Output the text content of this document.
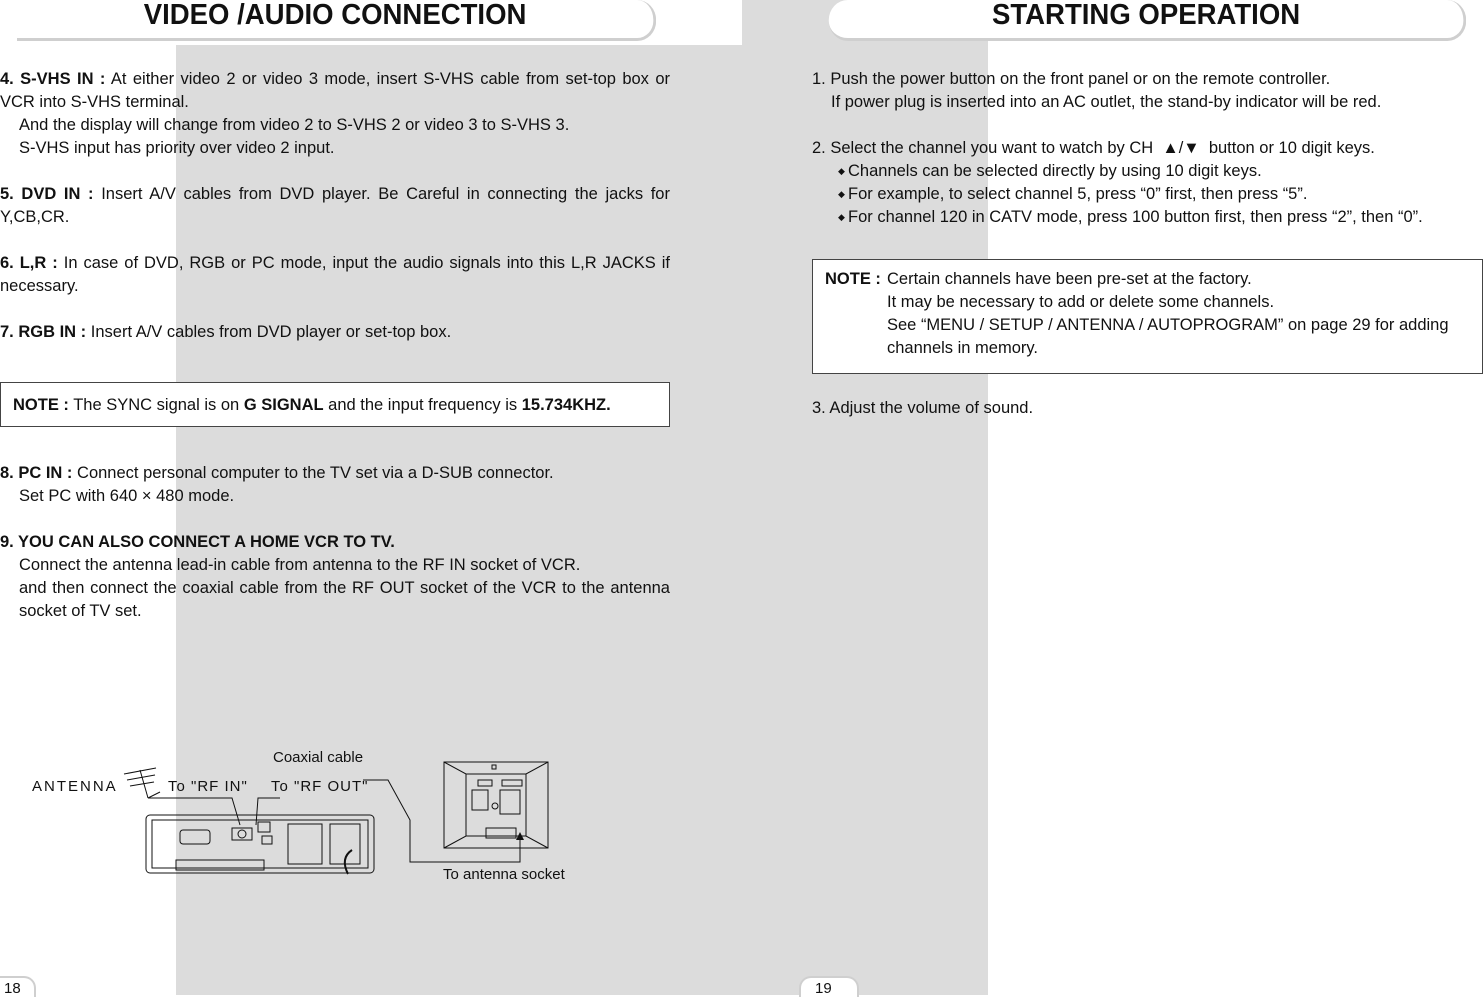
VIDEO /AUDIO CONNECTION	STARTING OPERATION

4. S-VHS IN : At either video 2 or video 3 mode, insert S-VHS cable from set-top box or VCR into S-VHS terminal.
And the display will change from video 2 to S-VHS 2 or video 3 to S-VHS 3.
S-VHS input has priority over video 2 input.

5. DVD IN : Insert A/V cables from DVD player. Be Careful in connecting the jacks for Y,CB,CR.

6. L,R : In case of DVD, RGB or PC mode, input the audio signals into this L,R JACKS if necessary.

7. RGB IN : Insert A/V cables from DVD player or set-top box.

NOTE : The SYNC signal is on G SIGNAL and the input frequency is 15.734KHZ.

8. PC IN : Connect personal computer to the TV set via a D-SUB connector.
Set PC with 640 × 480 mode.

9. YOU CAN ALSO CONNECT A HOME VCR TO TV.
Connect the antenna lead-in cable from antenna to the RF IN socket of VCR.
and then connect the coaxial cable from the RF OUT socket of the VCR to the antenna socket of TV set.

ANTENNA	To "RF IN" To "RF OUT"
Coaxial cable
To antenna socket

1. Push the power button on the front panel or on the remote controller.
If power plug is inserted into an AC outlet, the stand-by indicator will be red.

2. Select the channel you want to watch by CH  ▲/▼  button or 10 digit keys.
◆ Channels can be selected directly by using 10 digit keys.
◆ For example, to select channel 5, press “0” first, then press “5”.
◆ For channel 120 in CATV mode, press 100 button first, then press “2”, then “0”.
NOTE : Certain channels have been pre-set at the factory.
It may be necessary to add or delete some channels.
See “MENU / SETUP / ANTENNA / AUTOPROGRAM” on page 29 for adding channels in memory.
3. Adjust the volume of sound.
18	19
